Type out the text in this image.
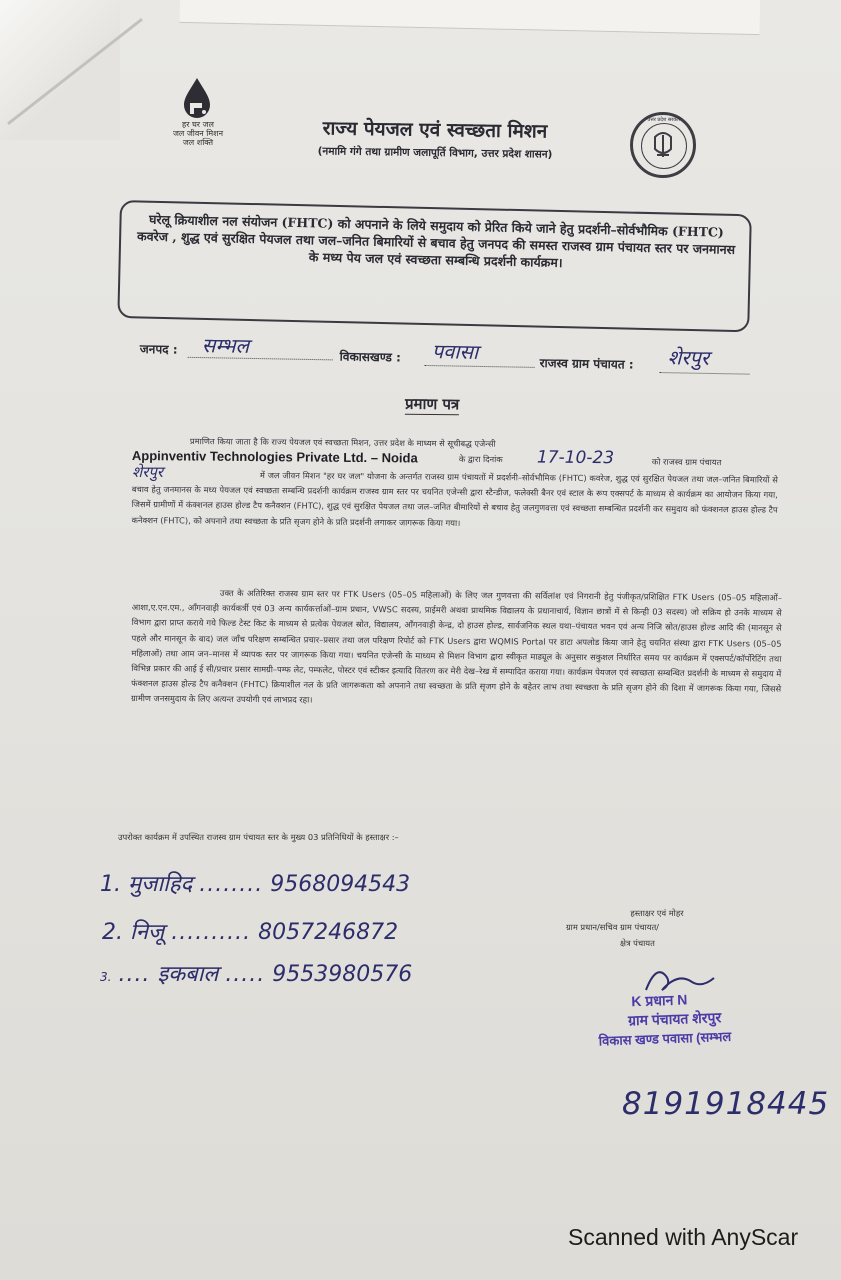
हर घर जल
जल जीवन मिशन
जल शक्ति	राज्य पेयजल एवं स्वच्छता मिशन
(नमामि गंगे तथा ग्रामीण जलापूर्ति विभाग, उत्तर प्रदेश शासन)
उत्तर प्रदेश सरकार
घरेलू क्रियाशील नल संयोजन (FHTC) को अपनाने के लिये समुदाय को प्रेरित किये जाने हेतु प्रदर्शनी–सोर्वभौमिक (FHTC) कवरेज , शुद्ध एवं सुरक्षित पेयजल तथा जल–जनित बिमारियों से बचाव हेतु जनपद की समस्त राजस्व ग्राम पंचायत स्तर पर जनमानस के मध्य पेय जल एवं स्वच्छता सम्बन्धि प्रदर्शनी कार्यक्रम।
जनपद : सम्भल	विकासखण्ड : पवासा	राजस्व ग्राम पंचायत : शेरपुर
प्रमाण पत्र
प्रमाणित किया जाता है कि राज्य पेयजल एवं स्वच्छता मिशन, उत्तर प्रदेश के माध्यम से सूचीबद्ध एजेन्सी
Appinventiv Technologies Private Ltd. – Noida	के द्वारा दिनांक 17-10-23	को राजस्व ग्राम पंचायत
शेरपुर	में जल जीवन मिशन "हर घर जल" योजना के अन्तर्गत राजस्व ग्राम पंचायतों में प्रदर्शनी–सोर्वभौमिक (FHTC) कवरेज, शुद्ध एवं सुरक्षित पेयजल तथा जल–जनित बिमारियों से बचाव हेतु जनमानस के मध्य पेयजल एवं स्वच्छता सम्बन्धि प्रदर्शनी कार्यक्रम राजस्व ग्राम स्तर पर चयनित एजेन्सी द्वारा स्टैन्डीज, फलेक्सी बैनर एवं स्टाल के रूप एक्सपर्ट के माध्यम से कार्यक्रम का आयोजन किया गया, जिसमें ग्रामीणों में कंक्शनल हाउस होल्ड टैप कनैक्शन (FHTC), शुद्ध एवं सुरक्षित पेयजल तथा जल–जनित बीमारियों से बचाव हेतु जलगुणवत्ता एवं स्वच्छता सम्बन्धित प्रदर्शनी कर समुदाय को फंक्शनल हाउस होल्ड टैप कनेक्शन (FHTC), को अपनाने तथा स्वच्छता के प्रति सृजग होने के प्रति प्रदर्शनी लगाकर जागरूक किया गया।
उक्त के अतिरिक्त राजस्व ग्राम स्तर पर FTK Users (05–05 महिलाओं) के लिए जल गुणवत्ता की सर्विलांश एवं निगरानी हेतु पंजीकृत/प्रशिक्षित FTK Users (05–05 महिलाओं–आशा,ए.एन.एम., आँगनवाड़ी कार्यकर्त्री एवं 03 अन्य कार्यकर्त्ताओं–ग्राम प्रधान, VWSC सदस्य, प्राईमरी अथवा प्राथमिक विद्यालय के प्रधानाचार्य, विज्ञान छात्रों में से किन्ही 03 सदस्य) जो सक्रिय हो उनके माध्यम से विभाग द्वारा प्राप्त कराये गये फिल्ड टेस्ट किट के माध्यम से प्रत्येक पेयजल स्रोत, विद्यालय, आँगनवाड़ी केन्द्र, दो हाउस होल्ड, सार्वजनिक स्थल यथा–पंचायत भवन एवं अन्य निजि स्रोत/हाउस होल्ड आदि की (मानसून से पहले और मानसून के बाद) जल जाँच परिक्षण सम्बन्धित प्रचार–प्रसार तथा जल परिक्षण रिपोर्ट को FTK Users द्वारा WQMIS Portal पर डाटा अपलोड किया जाने हेतु चयनित संस्था द्वारा FTK Users (05–05 महिलाओं) तथा आम जन–मानस में व्यापक स्तर पर जागरूक किया गया। चयनित एजेन्सी के माध्यम से मिशन विभाग द्वारा स्वीकृत माड्यूल के अनुसार सकुशल निर्धारित समय पर कार्यक्रम में एक्सपर्ट/कॉर्पोरेटिंग तथा विभिन्न प्रकार की आई ई सी/प्रचार प्रसार सामग्री–पम्फ लेट, पम्फलेट, पोस्टर एवं स्टीकर इत्यादि वितरण कर मेरी देख–रेख में सम्पादित कराया गया। कार्यक्रम पेयजल एवं स्वच्छता सम्बन्धित प्रदर्शनी के माध्यम से समुदाय में फंक्शनल हाउस होल्ड टैप कनैक्शन (FHTC) क्रियाशील नल के प्रति जागरूकता को अपनाने तथा स्वच्छता के प्रति सृजग होने के बहेतर लाभ तथा स्वच्छता के प्रति सृजग होने की दिशा में जागरूक किया गया, जिससे ग्रामीण जनसमुदाय के लिए अत्यन्त उपयोगी एवं लाभप्रद रहा।
उपरोक्त कार्यक्रम में उपस्थित राजस्व ग्राम पंचायत स्तर के मुख्य 03 प्रतिनिधियों के हस्ताक्षर :–
1. मुजाहिद ........ 9568094543
2. निजू .......... 8057246872
3. .... इकबाल ..... 9553980576
हस्ताक्षर एवं मोहर
ग्राम प्रधान/सचिव ग्राम पंचायत/
क्षेत्र पंचायत
K प्रधान N
ग्राम पंचायत शेरपुर
विकास खण्ड पवासा (सम्भल
8191918445
Scanned with AnyScar
